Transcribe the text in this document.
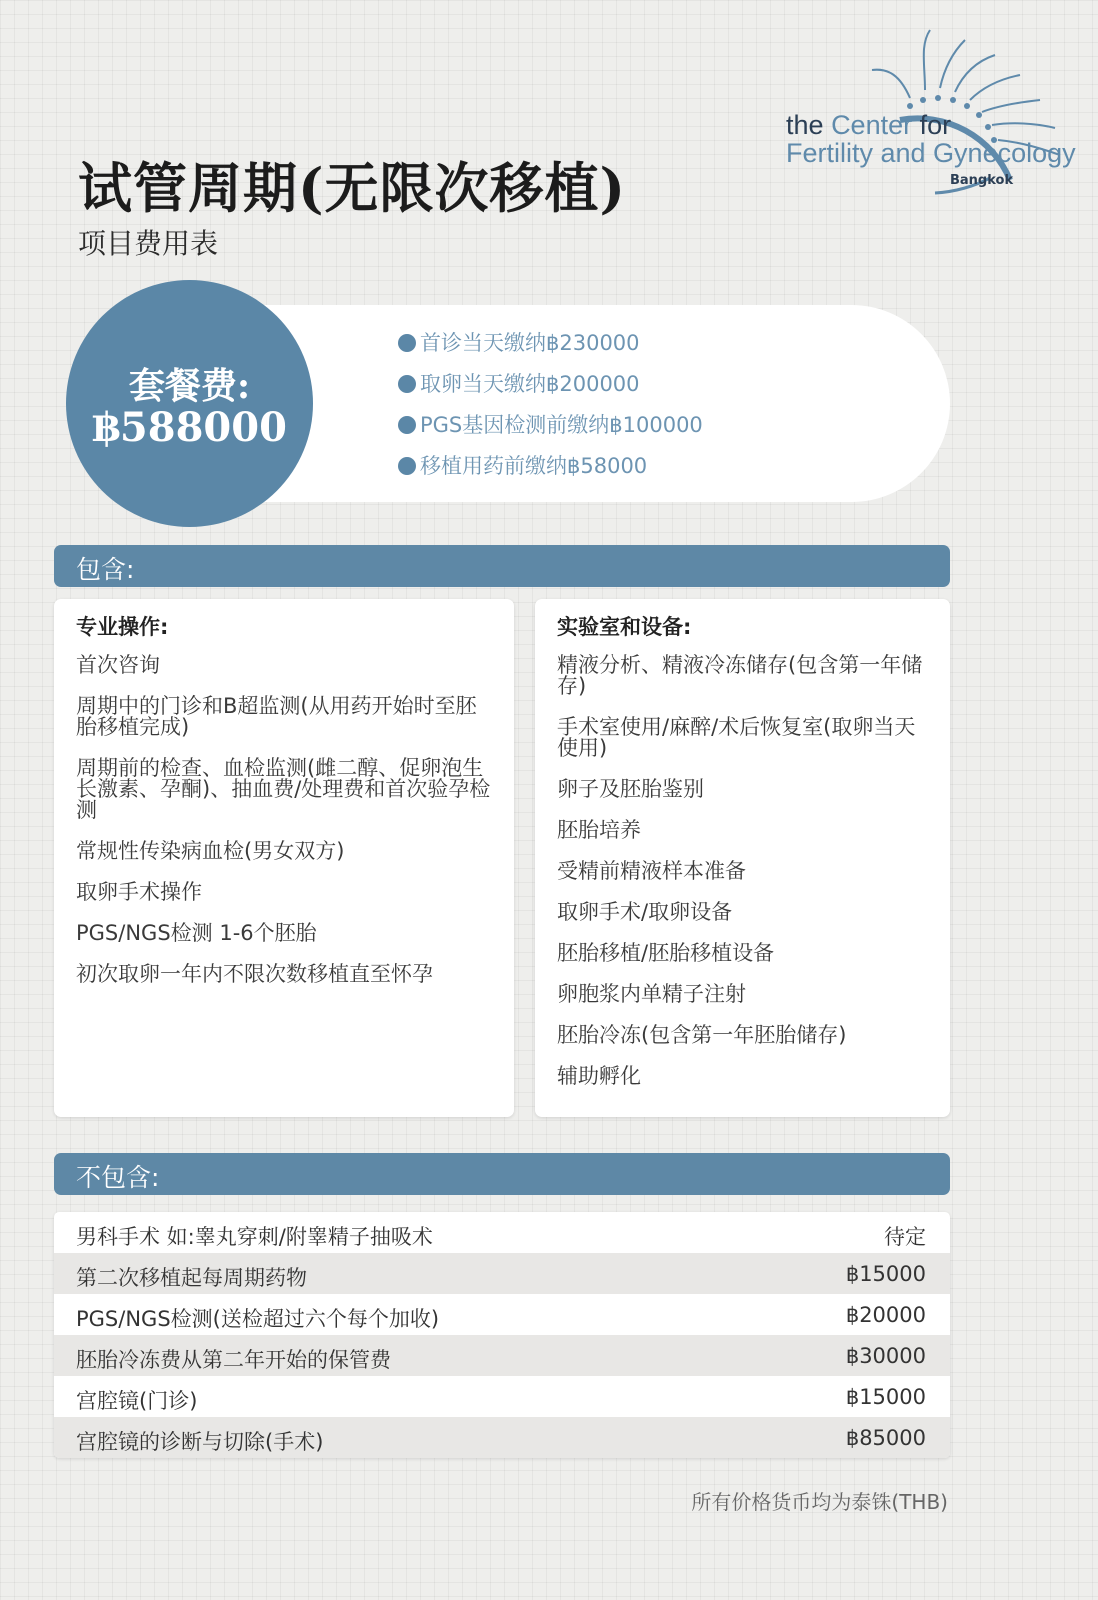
试管周期(无限次移植)
项目费用表
the Center for
Fertility and Gynecology
Bangkok
套餐费:
฿588000
首诊当天缴纳฿230000
取卵当天缴纳฿200000
PGS基因检测前缴纳฿100000
移植用药前缴纳฿58000
包含:
专业操作:
首次咨询
周期中的门诊和B超监测(从用药开始时至胚胎移植完成)
周期前的检查、血检监测(雌二醇、促卵泡生长激素、孕酮)、抽血费/处理费和首次验孕检测
常规性传染病血检(男女双方)
取卵手术操作
PGS/NGS检测 1-6个胚胎
初次取卵一年内不限次数移植直至怀孕
实验室和设备:
精液分析、精液冷冻储存(包含第一年储存)
手术室使用/麻醉/术后恢复室(取卵当天使用)
卵子及胚胎鉴别
胚胎培养
受精前精液样本准备
取卵手术/取卵设备
胚胎移植/胚胎移植设备
卵胞浆内单精子注射
胚胎冷冻(包含第一年胚胎储存)
辅助孵化
不包含:
男科手术 如:睾丸穿刺/附睾精子抽吸术	待定
第二次移植起每周期药物	฿15000
PGS/NGS检测(送检超过六个每个加收)	฿20000
胚胎冷冻费从第二年开始的保管费	฿30000
宫腔镜(门诊)	฿15000
宫腔镜的诊断与切除(手术)	฿85000
所有价格货币均为泰铢(THB)
